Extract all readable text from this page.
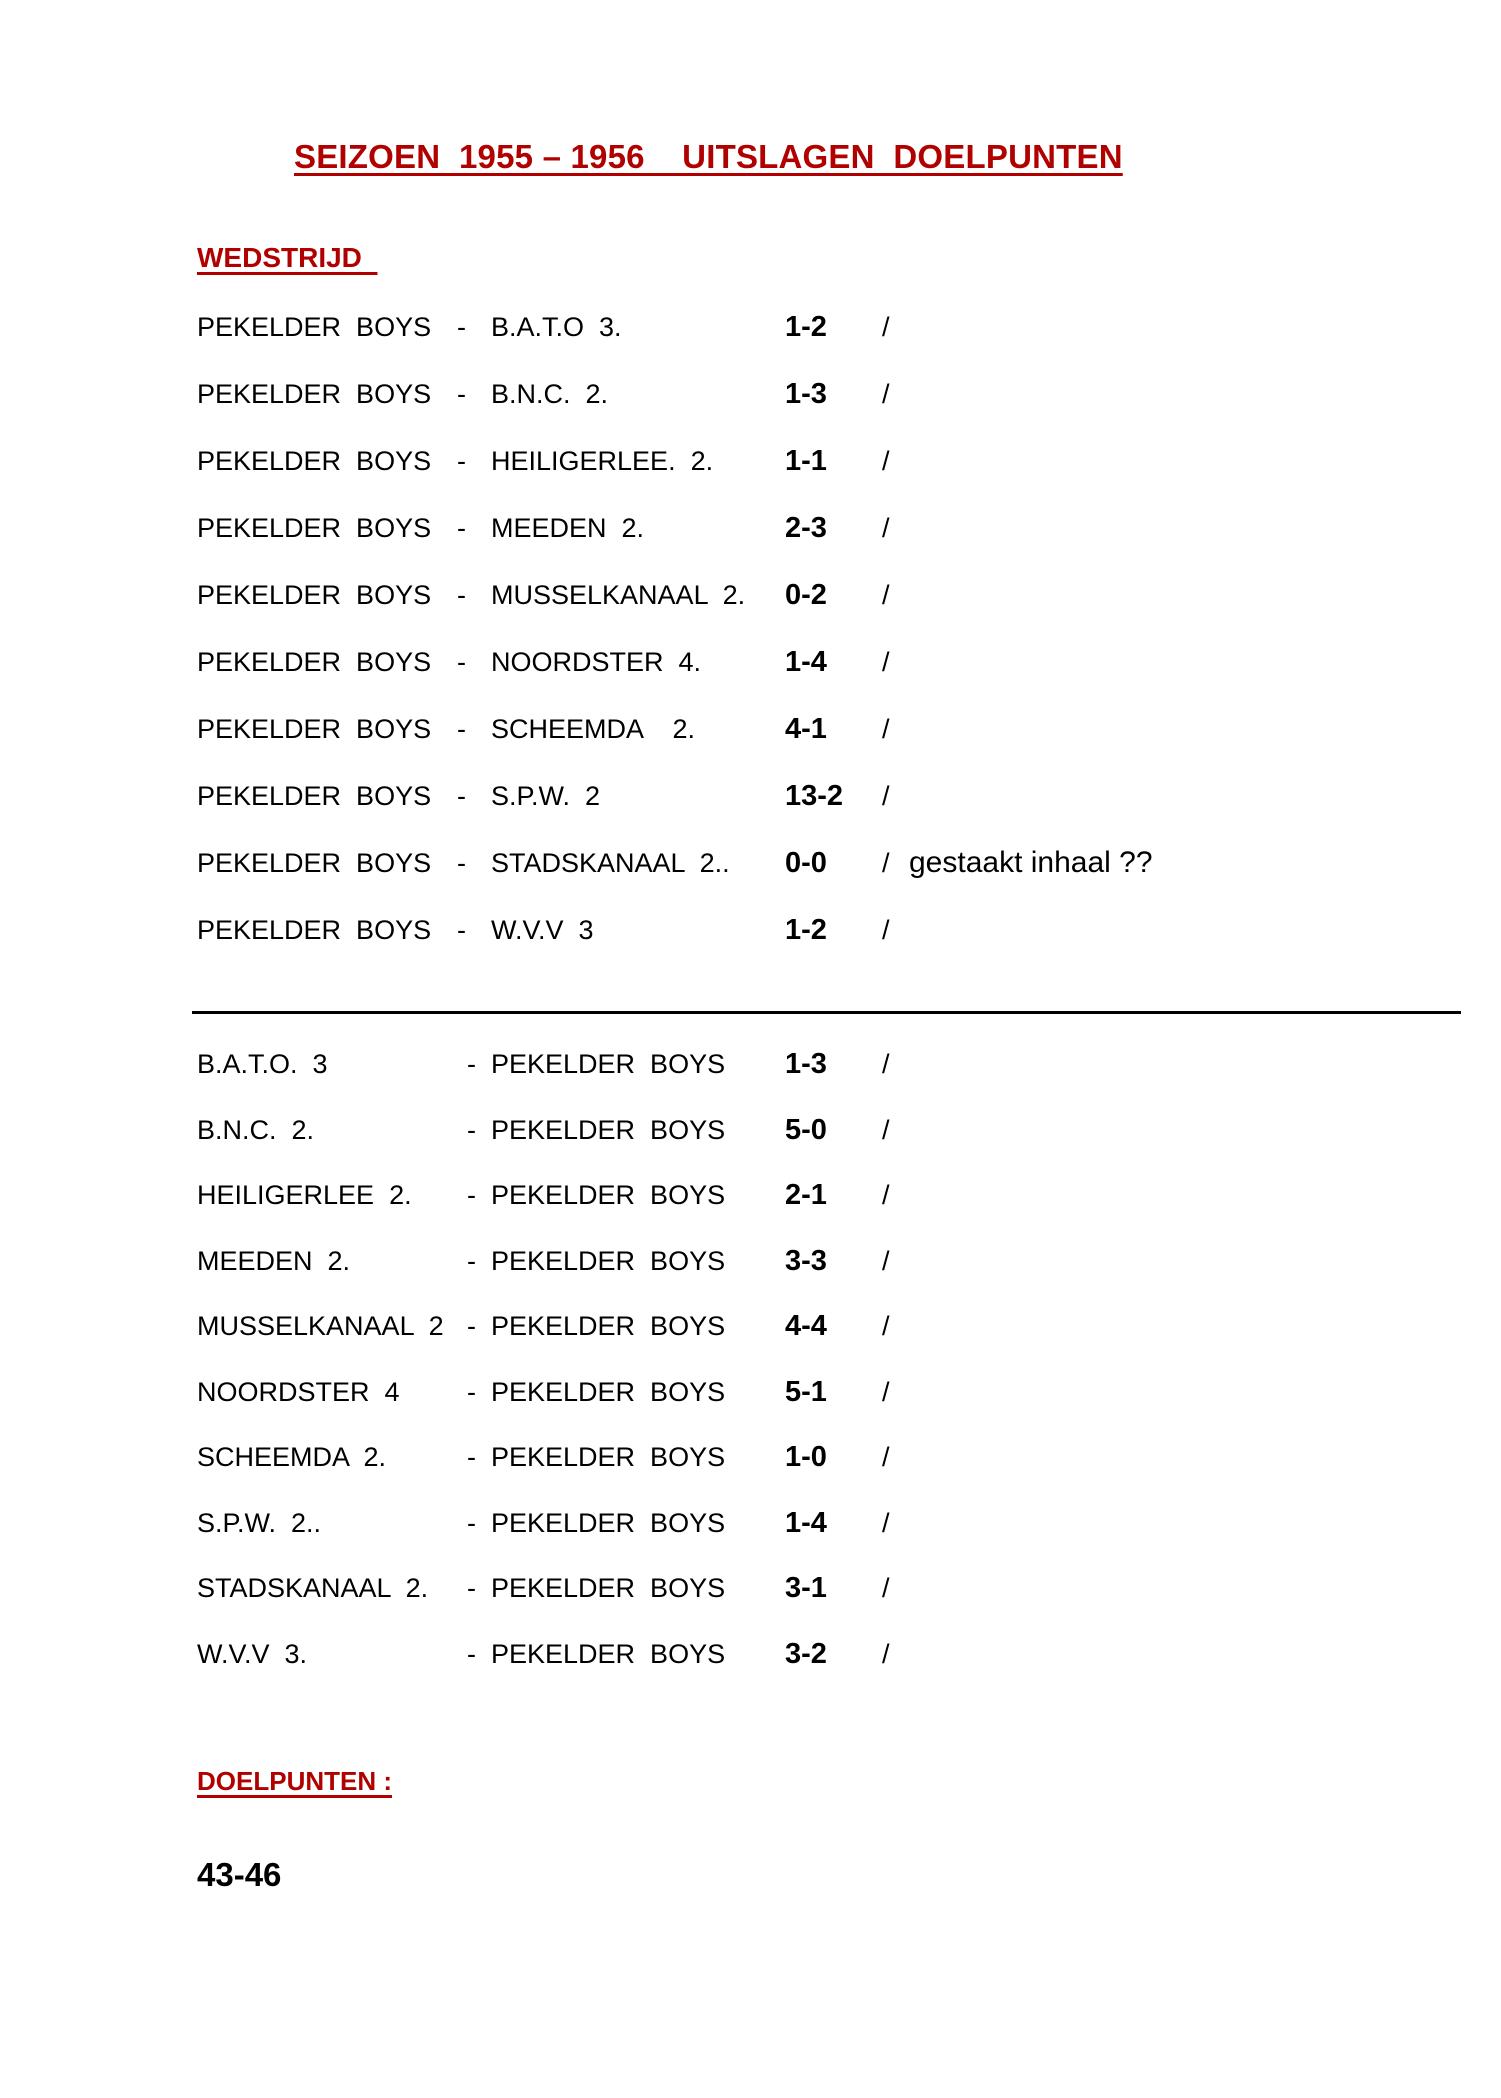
SEIZOEN  1955 – 1956    UITSLAGEN  DOELPUNTEN
WEDSTRIJD
PEKELDER  BOYS - B.A.T.O  3.	1-2 /
PEKELDER  BOYS - B.N.C.  2.	1-3 /
PEKELDER  BOYS - HEILIGERLEE.  2. 1-1 /
PEKELDER  BOYS - MEEDEN  2.	2-3 /
PEKELDER  BOYS - MUSSELKANAAL  2. 0-2 /
PEKELDER  BOYS - NOORDSTER  4.	1-4 /
PEKELDER  BOYS - SCHEEMDA    2.	4-1 /
PEKELDER  BOYS - S.P.W.  2	13-2 /
PEKELDER  BOYS - STADSKANAAL  2.. 0-0 / gestaakt inhaal ??
PEKELDER  BOYS - W.V.V  3	1-2 /
B.A.T.O.  3	- PEKELDER  BOYS 1-3 /
B.N.C.  2.	- PEKELDER  BOYS 5-0 /
HEILIGERLEE  2. - PEKELDER  BOYS 2-1 /
MEEDEN  2.	- PEKELDER  BOYS 3-3 /
MUSSELKANAAL  2 - PEKELDER  BOYS 4-4 /
NOORDSTER  4 - PEKELDER  BOYS 5-1 /
SCHEEMDA  2.	- PEKELDER  BOYS 1-0 /
S.P.W.  2..	- PEKELDER  BOYS 1-4 /
STADSKANAAL  2. - PEKELDER  BOYS 3-1 /
W.V.V  3.	- PEKELDER  BOYS 3-2 /
DOELPUNTEN :
43-46
